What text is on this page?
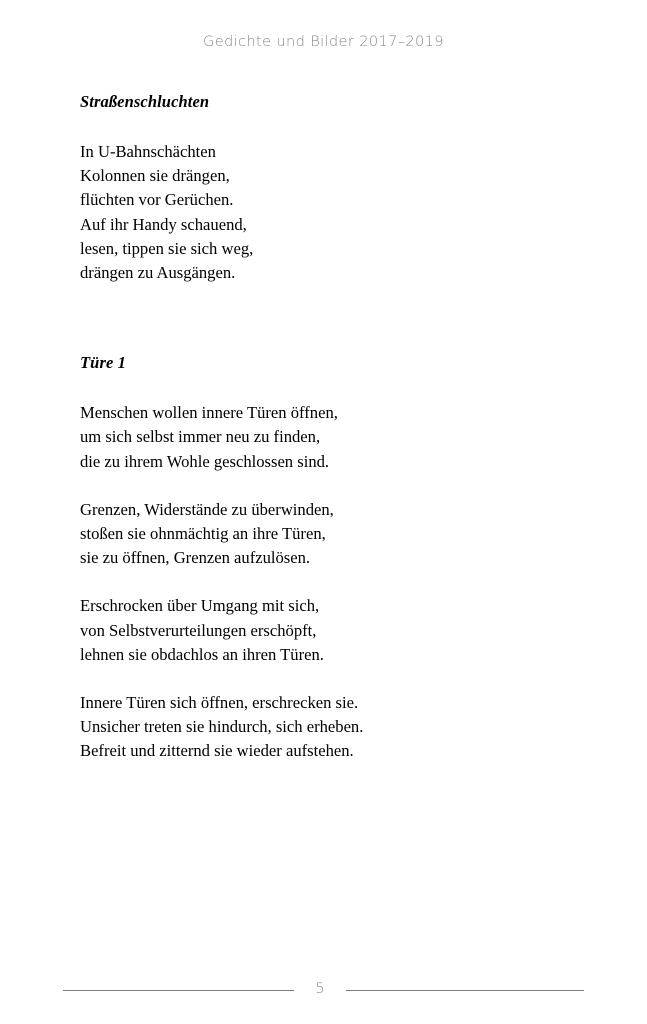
Gedichte und Bilder 2017–2019
Straßenschluchten

In U-Bahnschächten
Kolonnen sie drängen,
flüchten vor Gerüchen.
Auf ihr Handy schauend,
lesen, tippen sie sich weg,
drängen zu Ausgängen.

Türe 1

Menschen wollen innere Türen öffnen,
um sich selbst immer neu zu finden,
die zu ihrem Wohle geschlossen sind.

Grenzen, Widerstände zu überwinden,
stoßen sie ohnmächtig an ihre Türen,
sie zu öffnen, Grenzen aufzulösen.

Erschrocken über Umgang mit sich,
von Selbstverurteilungen erschöpft,
lehnen sie obdachlos an ihren Türen.

Innere Türen sich öffnen, erschrecken sie.
Unsicher treten sie hindurch, sich erheben.
Befreit und zitternd sie wieder aufstehen.

5
